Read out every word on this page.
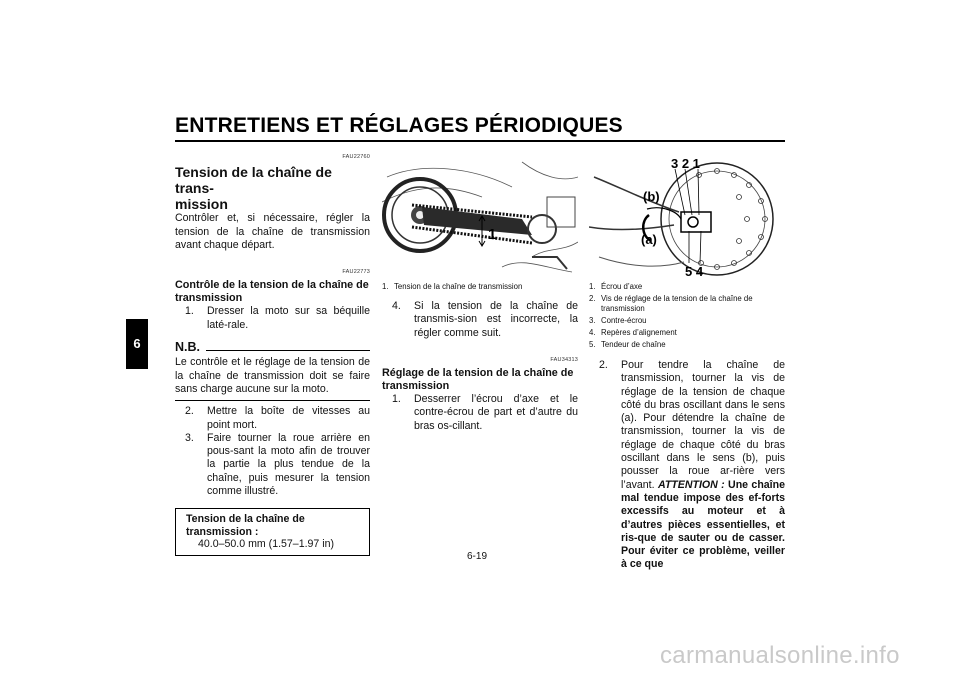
ENTRETIENS ET RÉGLAGES PÉRIODIQUES
6
FAU22760
Tension de la chaîne de trans-
mission
Contrôler et, si nécessaire, régler la tension de la chaîne de transmission avant chaque départ.
FAU22773
Contrôle de la tension de la chaîne de transmission
1.	Dresser la moto sur sa béquille laté-rale.
N.B.
Le contrôle et le réglage de la tension de la chaîne de transmission doit se faire sans charge aucune sur la moto.
2.	Mettre la boîte de vitesses au point mort.
3.	Faire tourner la roue arrière en pous-sant la moto afin de trouver la partie la plus tendue de la chaîne, puis mesurer la tension comme illustré.
Tension de la chaîne de transmission :
40.0–50.0 mm (1.57–1.97 in)
1
1. Tension de la chaîne de transmission
4.	Si la tension de la chaîne de transmis-sion est incorrecte, la régler comme suit.
FAU34313
Réglage de la tension de la chaîne de transmission
1.	Desserrer l’écrou d’axe et le contre-écrou de part et d’autre du bras os-cillant.
3 2 1
(b)
(a)
5 4
1. Écrou d’axe
2. Vis de réglage de la tension de la chaîne de transmission
3. Contre-écrou
4. Repères d’alignement
5. Tendeur de chaîne
2.	Pour tendre la chaîne de transmission, tourner la vis de réglage de la tension de chaque côté du bras oscillant dans le sens (a). Pour détendre la chaîne de transmission, tourner la vis de réglage de chaque côté du bras oscillant dans le sens (b), puis pousser la roue ar-rière vers l’avant. ATTENTION : Une chaîne mal tendue impose des ef-forts excessifs au moteur et à d’autres pièces essentielles, et ris-que de sauter ou de casser. Pour éviter ce problème, veiller à ce que
6-19
carmanualsonline.info
